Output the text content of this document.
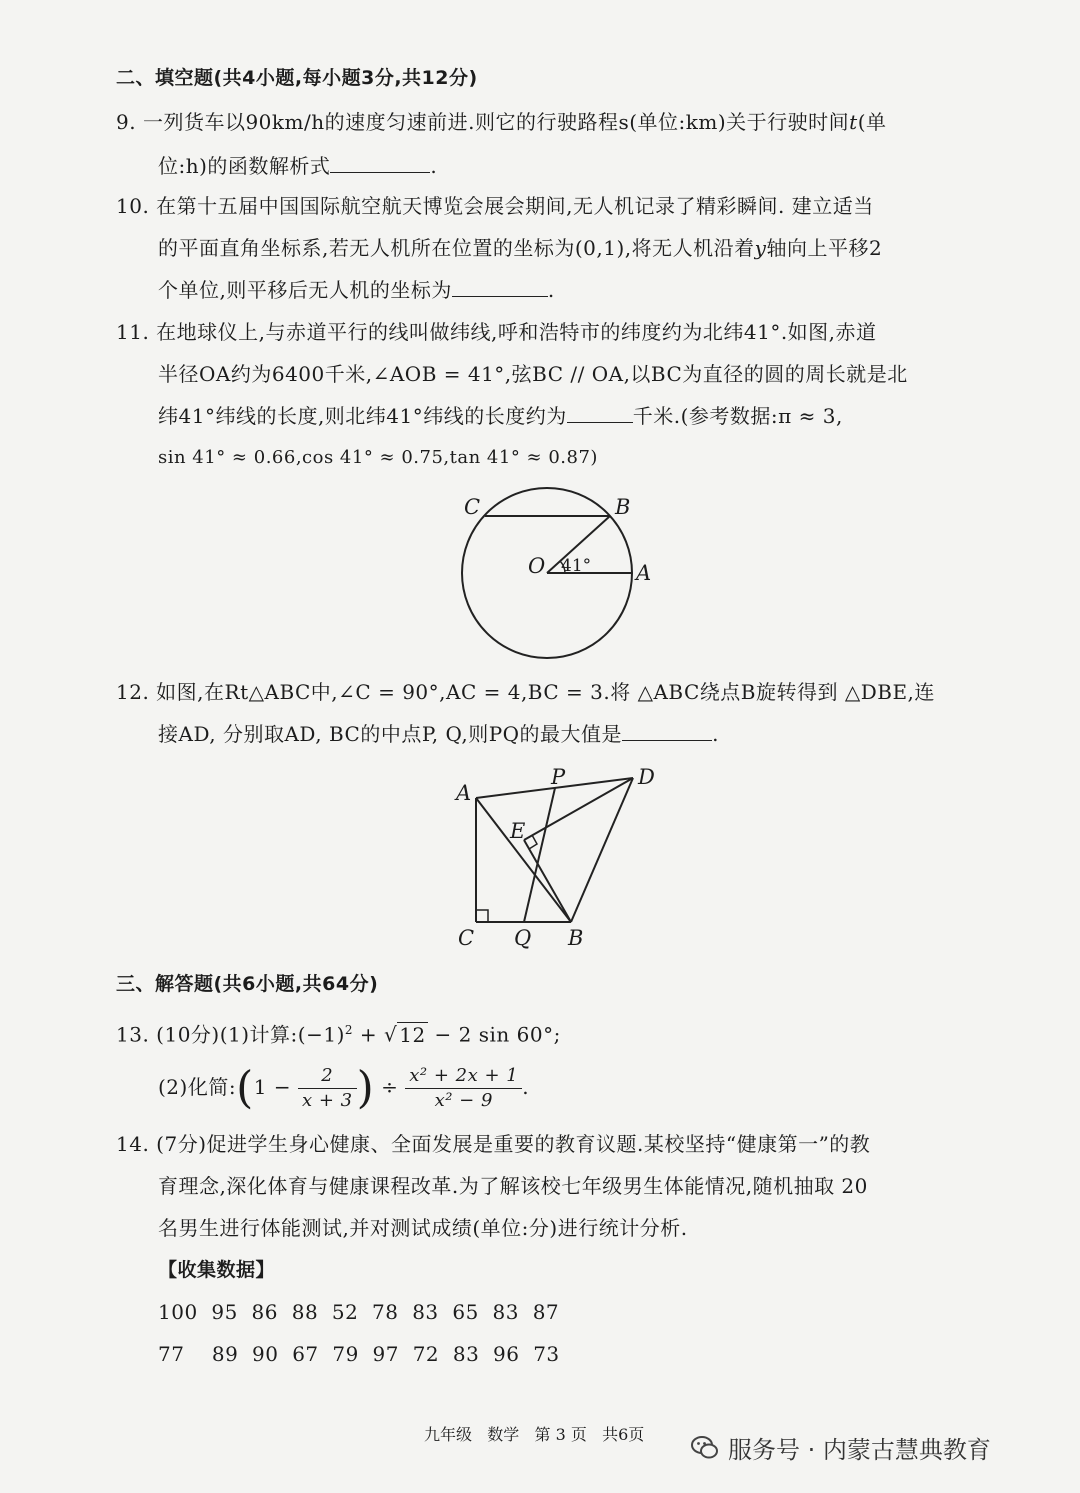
二、填空题(共4小题,每小题3分,共12分)
9. 一列货车以90km/h的速度匀速前进.则它的行驶路程s(单位:km)关于行驶时间t(单
位:h)的函数解析式	.
10. 在第十五届中国国际航空航天博览会展会期间,无人机记录了精彩瞬间. 建立适当
的平面直角坐标系,若无人机所在位置的坐标为(0,1),将无人机沿着y轴向上平移2
个单位,则平移后无人机的坐标为	.
11. 在地球仪上,与赤道平行的线叫做纬线,呼和浩特市的纬度约为北纬41°.如图,赤道
半径OA约为6400千米,∠AOB = 41°,弦BC // OA,以BC为直径的圆的周长就是北
纬41°纬线的长度,则北纬41°纬线的长度约为	千米.(参考数据:π ≈ 3,
sin 41° ≈ 0.66,cos 41° ≈ 0.75,tan 41° ≈ 0.87)
C	B
O	A
41°
12. 如图,在Rt△ABC中,∠C = 90°,AC = 4,BC = 3.将 △ABC绕点B旋转得到 △DBE,连
接AD, 分别取AD, BC的中点P, Q,则PQ的最大值是	.
A
P	D
E
C Q B
三、解答题(共6小题,共64分)
13. (10分)(1)计算$:(-1)^2$ + √ 12 − 2 sin 60°;
(2)化简:(1 − $\frac{2}{x + 3}$ ) ÷ $\frac{\text{x² + 2x + 1}}{\text{x² − 9}}$ .
14. (7分)促进学生身心健康、全面发展是重要的教育议题.某校坚持“健康第一”的教
育理念,深化体育与健康课程改革.为了解该校七年级男生体能情况,随机抽取 20
名男生进行体能测试,并对测试成绩(单位:分)进行统计分析.
【收集数据】
100  95  86  88  52  78  83  65  83  87
77    89  90  67  79  97  72  83  96  73
九年级   数学   第 3 页   共6页
服务号 · 内蒙古慧典教育
